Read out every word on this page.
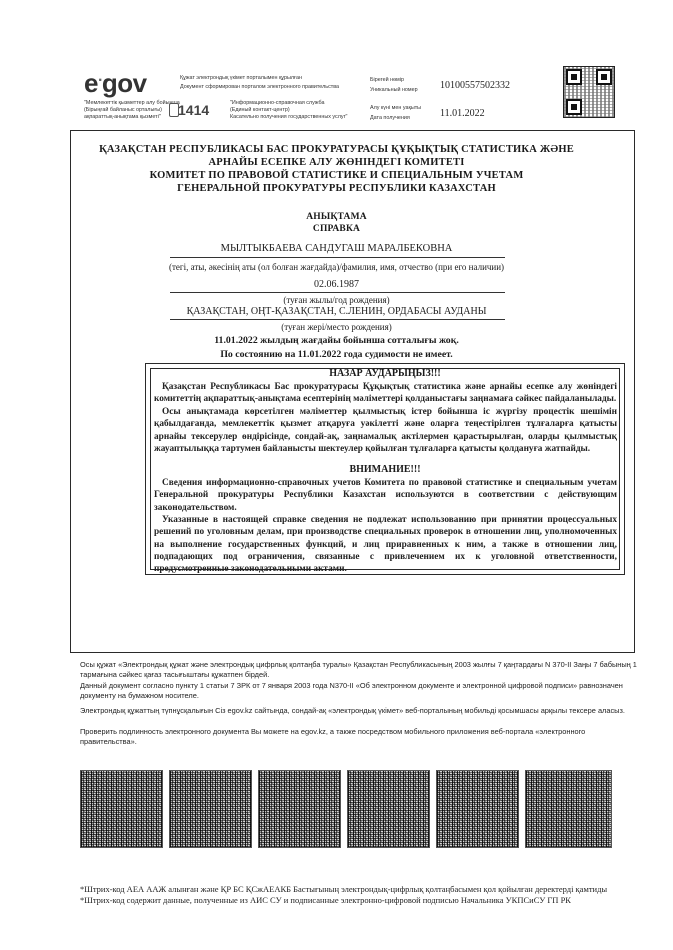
e.gov	Құжат электрондық үкімет порталымен құрылған
Документ сформирован порталом электронного правительства
"Мемлекеттік қызметтер алу бойынша
(Бірыңғай байланыс орталығы)
ақпараттық-анықтама қызметі" 1414	"Информационно-справочная служба
(Единый контакт-центр)
Касательно получения государственных услуг"
Бірегей нөмір
Уникальный номер 10100557502332
Алу күні мен уақыты
Дата получения	11.01.2022
ҚАЗАҚСТАН РЕСПУБЛИКАСЫ БАС ПРОКУРАТУРАСЫ ҚҰҚЫҚТЫҚ СТАТИСТИКА ЖӘНЕ
АРНАЙЫ ЕСЕПКЕ АЛУ ЖӨНІНДЕГІ КОМИТЕТІ
КОМИТЕТ ПО ПРАВОВОЙ СТАТИСТИКЕ И СПЕЦИАЛЬНЫМ УЧЕТАМ
ГЕНЕРАЛЬНОЙ ПРОКУРАТУРЫ РЕСПУБЛИКИ КАЗАХСТАН
АНЫҚТАМА
СПРАВКА
МЫЛТЫКБАЕВА САНДУГАШ МАРАЛБЕКОВНА
(тегі, аты, әкесінің аты (ол болған жағдайда)/фамилия, имя, отчество (при его наличии)
02.06.1987
(туған жылы/год рождения)
ҚАЗАҚСТАН, ОҢТ-ҚАЗАҚСТАН, С.ЛЕНИН, ОРДАБАСЫ АУДАНЫ
(туған жері/место рождения)
11.01.2022 жылдың жағдайы бойынша сотталығы жоқ.
По состоянию на 11.01.2022 года судимости не имеет.
НАЗАР АУДАРЫҢЫЗ!!!
Қазақстан Республикасы Бас прокуратурасы Құқықтық статистика және арнайы есепке алу жөніндегі комитеттің ақпараттық-анықтама есептерінің мәліметтері қолданыстағы заңнамаға сәйкес пайдаланылады.
Осы анықтамада көрсетілген мәліметтер қылмыстық істер бойынша іс жүргізу процестік шешімін қабылдағанда, мемлекеттік қызмет атқаруға уәкілетті және оларға теңестірілген тұлғаларға қатысты арнайы тексерулер өндірісінде, сондай-ақ, заңнамалық актілермен қарастырылған, оларды қылмыстық жауаптылыққа тартумен байланысты шектеулер қойылған тұлғаларға қатысты қолдануға жатпайды.
ВНИМАНИЕ!!!
Сведения информационно-справочных учетов Комитета по правовой статистике и специальным учетам Генеральной прокуратуры Республики Казахстан используются в соответствии с действующим законодательством.
Указанные в настоящей справке сведения не подлежат использованию при принятии процессуальных решений по уголовным делам, при производстве специальных проверок в отношении лиц, уполномоченных на выполнение государственных функций, и лиц приравненных к ним, а также в отношении лиц, подпадающих под ограничения, связанные с привлечением их к уголовной ответственности, предусмотренные законодательными актами.
Осы құжат «Электрондық құжат және электрондық цифрлық қолтаңба туралы» Қазақстан Республикасының 2003 жылғы 7 қаңтардағы N 370-II Заңы 7 бабының 1 тармағына сәйкес қағаз тасығыштағы құжатпен бірдей.
Данный документ согласно пункту 1 статьи 7 ЗРК от 7 января 2003 года N370-II «Об электронном документе и электронной цифровой подписи» равнозначен документу на бумажном носителе.
Электрондық құжаттың түпнұсқалығын Сіз egov.kz сайтында, сондай-ақ «электрондық үкімет» веб-порталының мобильді қосымшасы арқылы тексере аласыз.
Проверить подлинность электронного документа Вы можете на egov.kz, а также посредством мобильного приложения веб-портала «электронного правительства».
*Штрих-код АЕА ААЖ алынған және ҚР БС ҚСжАЕАКБ Бастығының электрондық-цифрлық қолтаңбасымен қол қойылған деректерді қамтиды
*Штрих-код содержит данные, полученные из АИС СУ и подписанные электронно-цифровой подписью Начальника УКПСиСУ ГП РК
